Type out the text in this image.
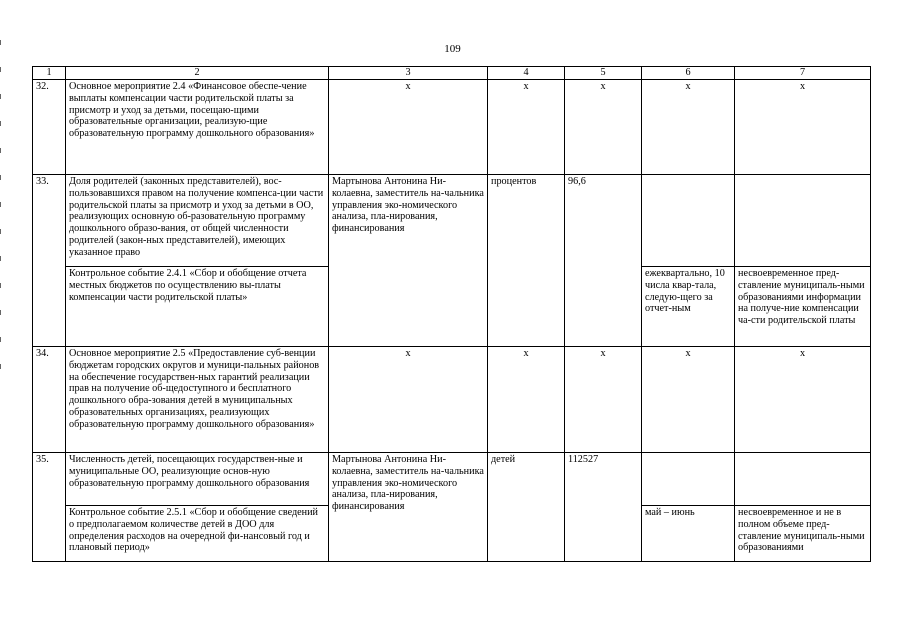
109
1	2	3	4	5	6	7
32.	Основное мероприятие 2.4 «Финансовое обеспе-чение выплаты компенсации части родительской платы за присмотр и уход за детьми, посещаю-щими образовательные организации, реализую-щие образовательную программу дошкольного образования»	х	х	х	х	х
33.	Доля родителей (законных представителей), вос-пользовавшихся правом на получение компенса-ции части родительской платы за присмотр и уход за детьми в ОО, реализующих основную об-разовательную программу дошкольного образо-вания, от общей численности родителей (закон-ных представителей), имеющих указанное право	Мартынова Антонина Ни-колаевна, заместитель на-чальника управления эко-номического анализа, пла-нирования, финансирования	процентов	96,6		
	Контрольное событие 2.4.1 «Сбор и обобщение отчета местных бюджетов по осуществлению вы-платы компенсации части родительской платы»				ежеквартально, 10 числа квар-тала, следую-щего за отчет-ным	несвоевременное пред-ставление муниципаль-ными образованиями информации на получе-ние компенсации ча-сти родительской платы
34.	Основное мероприятие 2.5 «Предоставление суб-венции бюджетам городских округов и муници-пальных районов на обеспечение государствен-ных гарантий реализации прав на получение об-щедоступного и бесплатного дошкольного обра-зования детей в муниципальных образовательных организациях, реализующих образовательную программу дошкольного образования»	х	х	х	х	х
35.	Численность детей, посещающих государствен-ные и муниципальные ОО, реализующие основ-ную образовательную программу дошкольного образования	Мартынова Антонина Ни-колаевна, заместитель на-чальника управления эко-номического анализа, пла-нирования, финансирования	детей	112527		
	Контрольное событие 2.5.1 «Сбор и обобщение сведений о предполагаемом количестве детей в ДОО для определения расходов на очередной фи-нансовый год и плановый период»				май – июнь	несвоевременное и не в полном объеме пред-ставление муниципаль-ными образованиями
